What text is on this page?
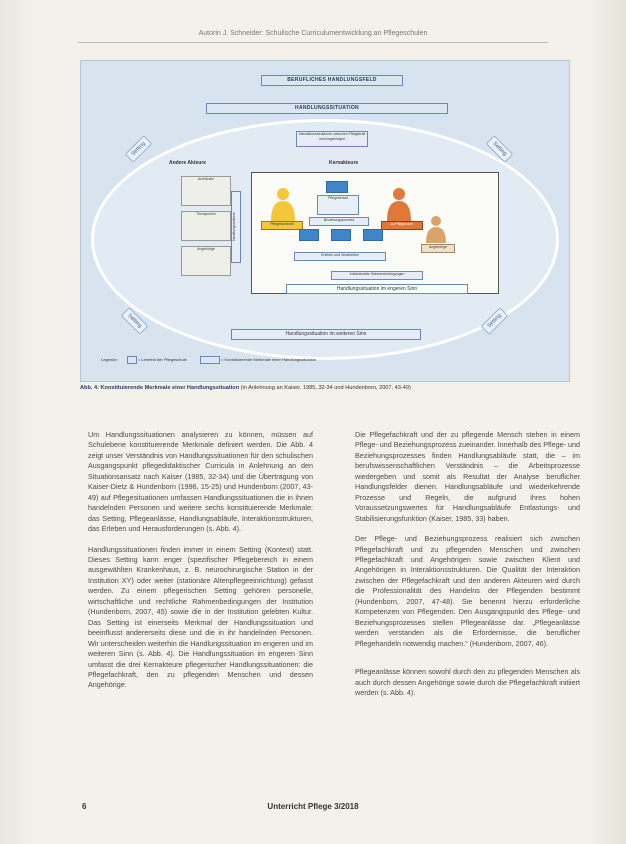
Autorin J. Schneider: Schulische Curriculumentwicklung an Pflegeschulen
BERUFLICHES HANDLUNGSFELD
HANDLUNGSSITUATION
Setting	Setting
Setting	Setting
Interaktionsstrukturen zwischen Pflegekraft und Angehörigen
Andere Akteure	Kernakteure
Arzt/Ärztin
Therapeut/in
Angehörige
Handlungsanlässe	Pflegefachkraft	zu Pflegende/r
Angehörige
Pflegebedarf
Beziehungsprozess
Erleben und Verarbeiten
Institutionelle Rahmenbedingungen
Handlungssituation im engeren Sinn
Handlungssituation im weiteren Sinn
Legende:	= Lernfeld der Pflegeschule	= Konstituierende Merkmale einer Handlungssituation
Abb. 4: Konstituierende Merkmale einer Handlungssituation (in Anlehnung an Kaiser, 1985, 32-34 und Hundenborn, 2007, 43-49)

Um Handlungssituationen analysieren zu können, müssen auf Schulebene konstituierende Merkmale definiert werden. Die Abb. 4 zeigt unser Verständnis von Handlungssituationen für den schulischen Ausgangspunkt pflegedidaktischer Curricula in Anlehnung an den Situationsansatz nach Kaiser (1985, 32-34) und die Übertragung von Kaiser-Dietz & Hundenborn (1996, 15-25) und Hundenborn (2007, 43-49) auf Pflegesituationen umfassen Handlungssituationen die in ihnen handelnden Personen und weitere sechs konstituierende Merkmale: das Setting, Pflegeanlässe, Handlungsabläufe, Interaktionsstrukturen, das Erleben und Herausforderungen (s. Abb. 4).

Handlungssituationen finden immer in einem Setting (Kontext) statt. Dieses Setting kann enger (spezifischer Pflegebereich in einem ausgewählten Krankenhaus, z. B. neurochirurgische Station in der Institution XY) oder weiter (stationäre Altenpflegeeinrichtung) gefasst werden. Zu einem pflegerischen Setting gehören personelle, wirtschaftliche und rechtliche Rahmenbedingungen der Institution (Hundenborn, 2007, 45) sowie die in der Institution gelebten Kultur. Das Setting ist einerseits Merkmal der Handlungssituation und beeinflusst andererseits diese und die in ihr handelnden Personen. Wir unterscheiden weiterhin die Handlungssituation im engeren und im weiteren Sinn (s. Abb. 4). Die Handlungssituation im engeren Sinn umfasst die drei Kernakteure pflegerischer Handlungssituationen: die Pflegefachkraft, den zu pflegenden Menschen und dessen Angehörige.

Die Pflegefachkraft und der zu pflegende Mensch stehen in einem Pflege- und Beziehungsprozess zueinander. Innerhalb des Pflege- und Beziehungsprozesses finden Handlungsabläufe statt, die – im berufswissenschaftlichen Verständnis – die Arbeitsprozesse wiedergeben und somit als Resultat der Analyse beruflicher Handlungsfelder dienen. Handlungsabläufe und wiederkehrende Prozesse und Regeln, die aufgrund ihres hohen Voraussetzungswertes für Handlungsabläufe Entlastungs- und Stabilisierungsfunktion (Kaiser, 1985, 33) haben.

Der Pflege- und Beziehungsprozess realisiert sich zwischen Pflegefachkraft und zu pflegenden Menschen und zwischen Pflegefachkraft und Angehörigen sowie zwischen Klient und Angehörigen in Interaktionsstrukturen. Die Qualität der Interaktion zwischen der Pflegefachkraft und den anderen Akteuren wird durch die Professionalität des Handelns der Pflegenden bestimmt (Hundenborn, 2007, 47-48). Sie benennt hierzu erforderliche Kompetenzen von Pflegenden. Den Ausgangspunkt des Pflege- und Beziehungsprozesses stellen Pflegeanlässe dar. „Pflegeanlässe werden verstanden als die Erfordernisse, die beruflicher Pflegehandeln notwendig machen.“ (Hundenborn, 2007, 46).

Pflegeanlässe können sowohl durch den zu pflegenden Menschen als auch durch dessen Angehörige sowie durch die Pflegefachkraft initiiert werden (s. Abb. 4).

6	Unterricht Pflege 3/2018
